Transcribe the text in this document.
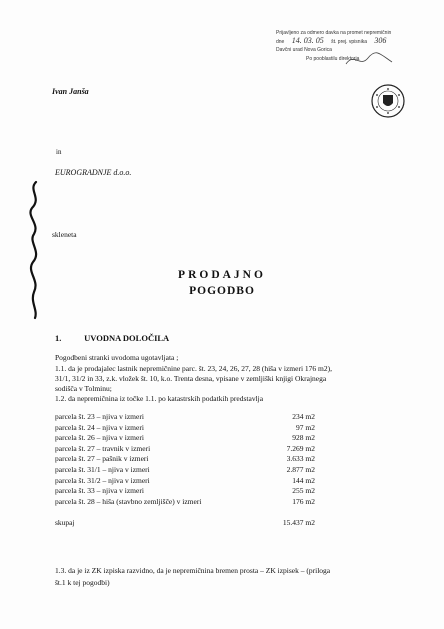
Prijavljeno za odmero davka na promet nepremičnin
dne 14. 03. 05 št. prej. vpisnika 306
Davčni urad Nova Gorica
Po pooblastilu direktorja
Ivan Janša
in
EUROGRADNJE d.o.o.
skleneta
PRODAJNO
POGODBO
1.	UVODNA DOLOČILA
Pogodbeni stranki uvodoma ugotavljata ;
1.1. da je prodajalec lastnik nepremičnine parc. št. 23, 24, 26, 27, 28 (hiša v izmeri 176 m2),
31/1, 31/2 in 33, z.k. vložek št. 10, k.o. Trenta desna, vpisane v zemljiški knjigi Okrajnega
sodišča v Tolminu;
1.2. da nepremičnina iz točke 1.1. po katastrskih podatkih predstavlja
parcela št. 23 – njiva v izmeri	234 m2
parcela št. 24 – njiva v izmeri	97 m2
parcela št. 26 – njiva v izmeri	928 m2
parcela št. 27 – travnik v izmeri	7.269 m2
parcela št. 27 – pašnik v izmeri	3.633 m2
parcela št. 31/1 – njiva v izmeri	2.877 m2
parcela št. 31/2 – njiva v izmeri	144 m2
parcela št. 33 – njiva v izmeri	255 m2
parcela št. 28 – hiša (stavbno zemljišče) v izmeri	176 m2
skupaj	15.437 m2
1.3. da je iz ZK izpiska razvidno, da je nepremičnina bremen prosta – ZK izpisek – (priloga
št.1 k tej pogodbi)
